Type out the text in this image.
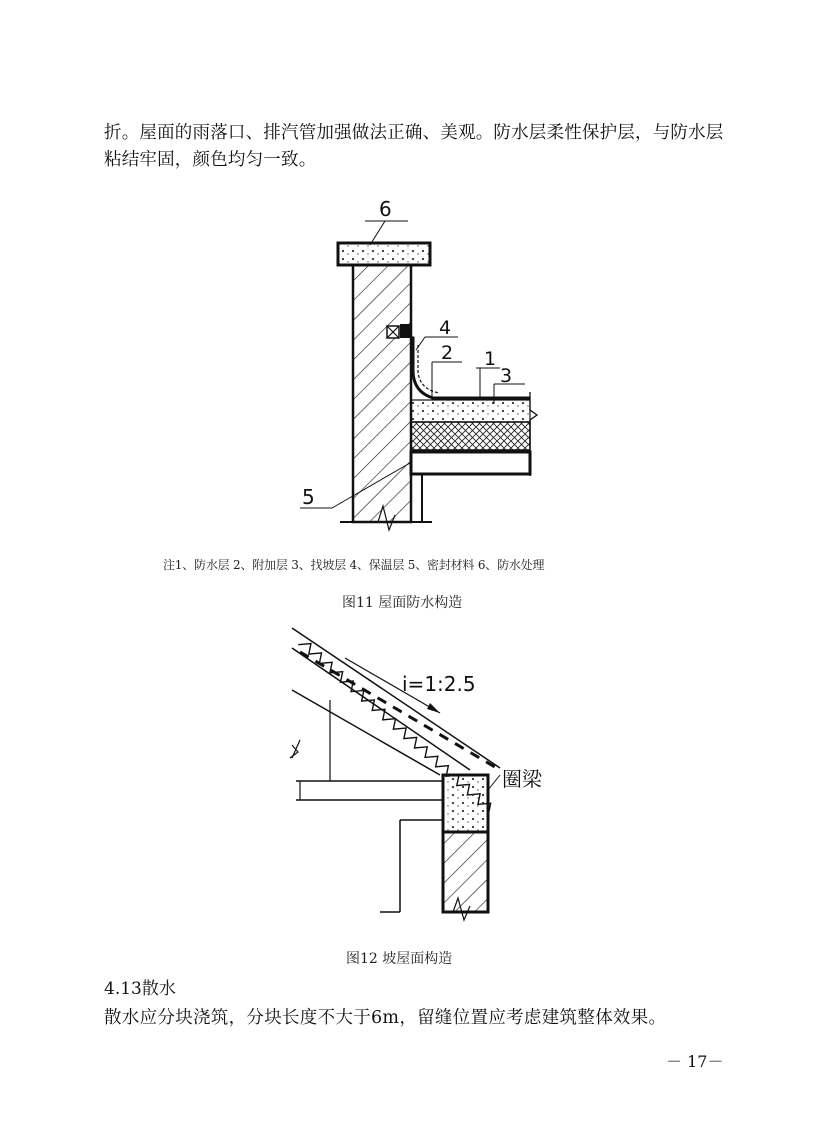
折。屋面的雨落口、排汽管加强做法正确、美观。防水层柔性保护层，与防水层粘结牢固，颜色均匀一致。
6
4
2 1
3
5
i=1:2.5
圈梁
注1、防水层 2、附加层 3、找坡层 4、保温层 5、密封材料 6、防水处理
图11 屋面防水构造
图12 坡屋面构造
4.13散水
散水应分块浇筑，分块长度不大于6m，留缝位置应考虑建筑整体效果。
－ 17－
